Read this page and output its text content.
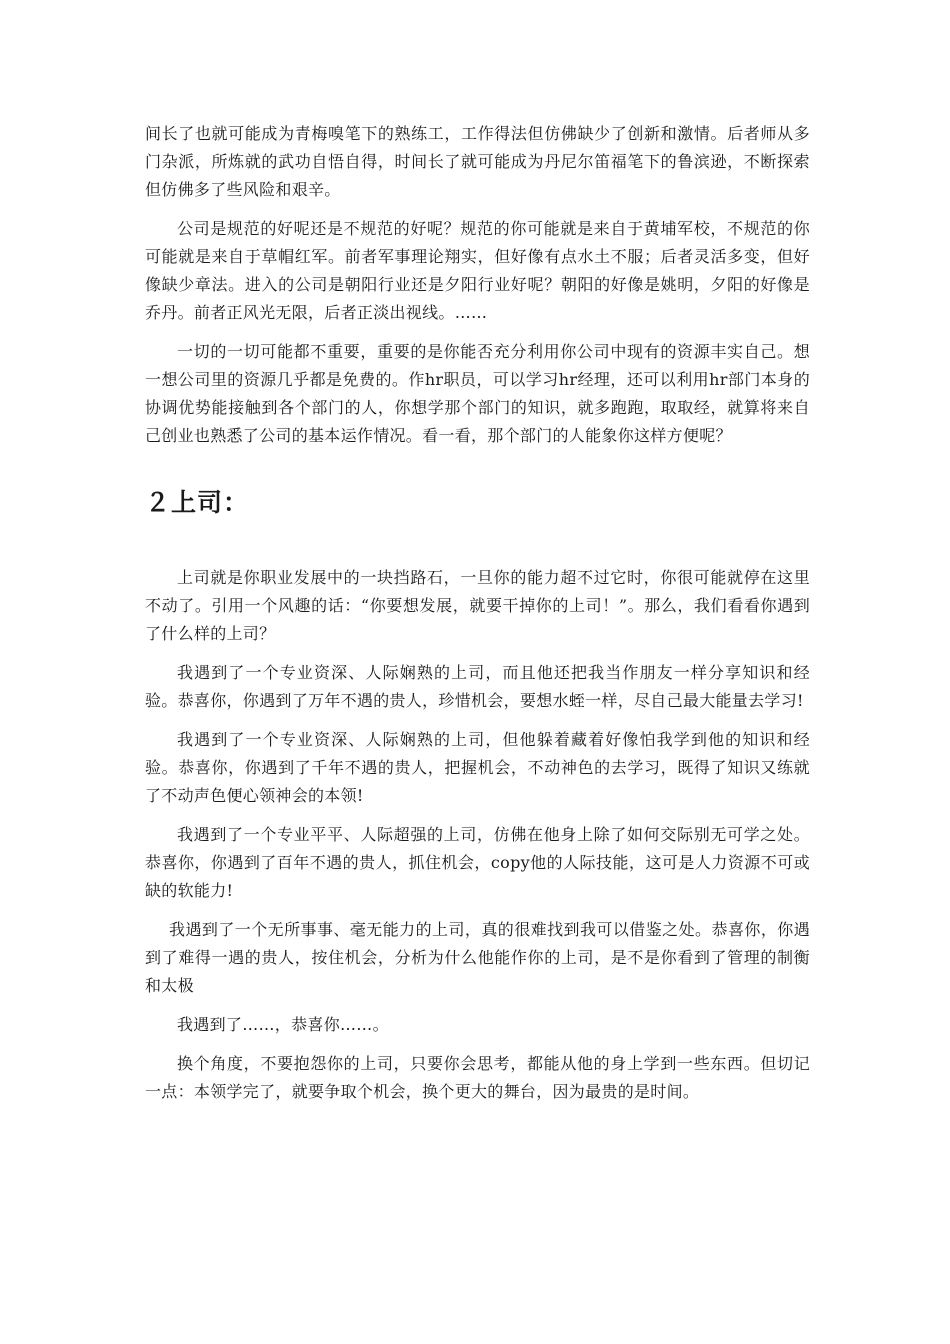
间长了也就可能成为青梅嗅笔下的熟练工，工作得法但仿佛缺少了创新和激情。后者师从多门杂派，所炼就的武功自悟自得，时间长了就可能成为丹尼尔笛福笔下的鲁滨逊，不断探索但仿佛多了些风险和艰辛。

公司是规范的好呢还是不规范的好呢？规范的你可能就是来自于黄埔军校，不规范的你可能就是来自于草帽红军。前者军事理论翔实，但好像有点水土不服；后者灵活多变，但好像缺少章法。进入的公司是朝阳行业还是夕阳行业好呢？朝阳的好像是姚明，夕阳的好像是乔丹。前者正风光无限，后者正淡出视线。……

一切的一切可能都不重要，重要的是你能否充分利用你公司中现有的资源丰实自己。想一想公司里的资源几乎都是免费的。作hr职员，可以学习hr经理，还可以利用hr部门本身的协调优势能接触到各个部门的人，你想学那个部门的知识，就多跑跑，取取经，就算将来自己创业也熟悉了公司的基本运作情况。看一看，那个部门的人能象你这样方便呢？

２上司：

上司就是你职业发展中的一块挡路石，一旦你的能力超不过它时，你很可能就停在这里不动了。引用一个风趣的话：“你要想发展，就要干掉你的上司！”。那么，我们看看你遇到了什么样的上司？

我遇到了一个专业资深、人际娴熟的上司，而且他还把我当作朋友一样分享知识和经验。恭喜你，你遇到了万年不遇的贵人，珍惜机会，要想水蛭一样，尽自己最大能量去学习!

我遇到了一个专业资深、人际娴熟的上司，但他躲着藏着好像怕我学到他的知识和经验。恭喜你，你遇到了千年不遇的贵人，把握机会，不动神色的去学习，既得了知识又练就了不动声色便心领神会的本领!

我遇到了一个专业平平、人际超强的上司，仿佛在他身上除了如何交际别无可学之处。恭喜你，你遇到了百年不遇的贵人，抓住机会，copy他的人际技能，这可是人力资源不可或缺的软能力!

我遇到了一个无所事事、毫无能力的上司，真的很难找到我可以借鉴之处。恭喜你，你遇到了难得一遇的贵人，按住机会，分析为什么他能作你的上司，是不是你看到了管理的制衡和太极

我遇到了……，恭喜你……。

换个角度，不要抱怨你的上司，只要你会思考，都能从他的身上学到一些东西。但切记一点：本领学完了，就要争取个机会，换个更大的舞台，因为最贵的是时间。
